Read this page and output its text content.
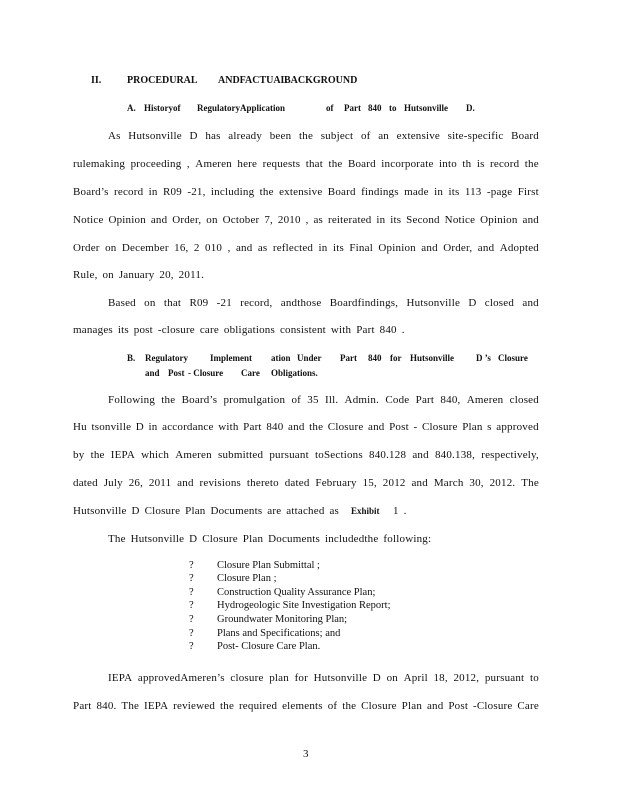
II.	PROCEDURAL ANDFACTUAL
BACKGROUND
A. Historyof RegulatoryApplication	of Part 840 to Hutsonville D.
As Hutsonville D has already been the subject of an extensive site-specific Board
rulemaking proceeding , Ameren here requests that the Board incorporate into th is record the
Board’s record in R09 -21, including the extensive Board findings made in its 113 -page First
Notice Opinion and Order, on October 7, 2010 , as reiterated in its Second Notice Opinion and
Order on December 16, 2 010 , and as reflected in its Final Opinion and Order, and Adopted
Rule, on January 20, 2011.
Based on that R09 -21 record, andthose Boardfindings, Hutsonville D closed and
manages its post -closure care obligations consistent with Part 840 .
B. Regulatory Implement ation Under Part 840 for Hutsonville D ’s Closure
and Post - Closure Care Obligations.
Following the Board’s promulgation of 35 Ill. Admin. Code Part 840, Ameren closed
Hu tsonville D in accordance with Part 840 and the Closure and Post - Closure Plan s approved
by the IEPA which Ameren submitted pursuant toSections 840.128 and 840.138, respectively,
dated July 26, 2011 and revisions thereto dated February 15, 2012 and March 30, 2012. The
Hutsonville D Closure Plan Documents are attached as Exhibit 1 .
The Hutsonville D Closure Plan Documents includedthe following:
? Closure Plan Submittal ;
? Closure Plan ;
? Construction Quality Assurance Plan;
? Hydrogeologic Site Investigation Report;
? Groundwater Monitoring Plan;
? Plans and Specifications; and
? Post- Closure Care Plan.
IEPA approvedAmeren’s closure plan for Hutsonville D on April 18, 2012, pursuant to
Part 840. The IEPA reviewed the required elements of the Closure Plan and Post -Closure Care
3
